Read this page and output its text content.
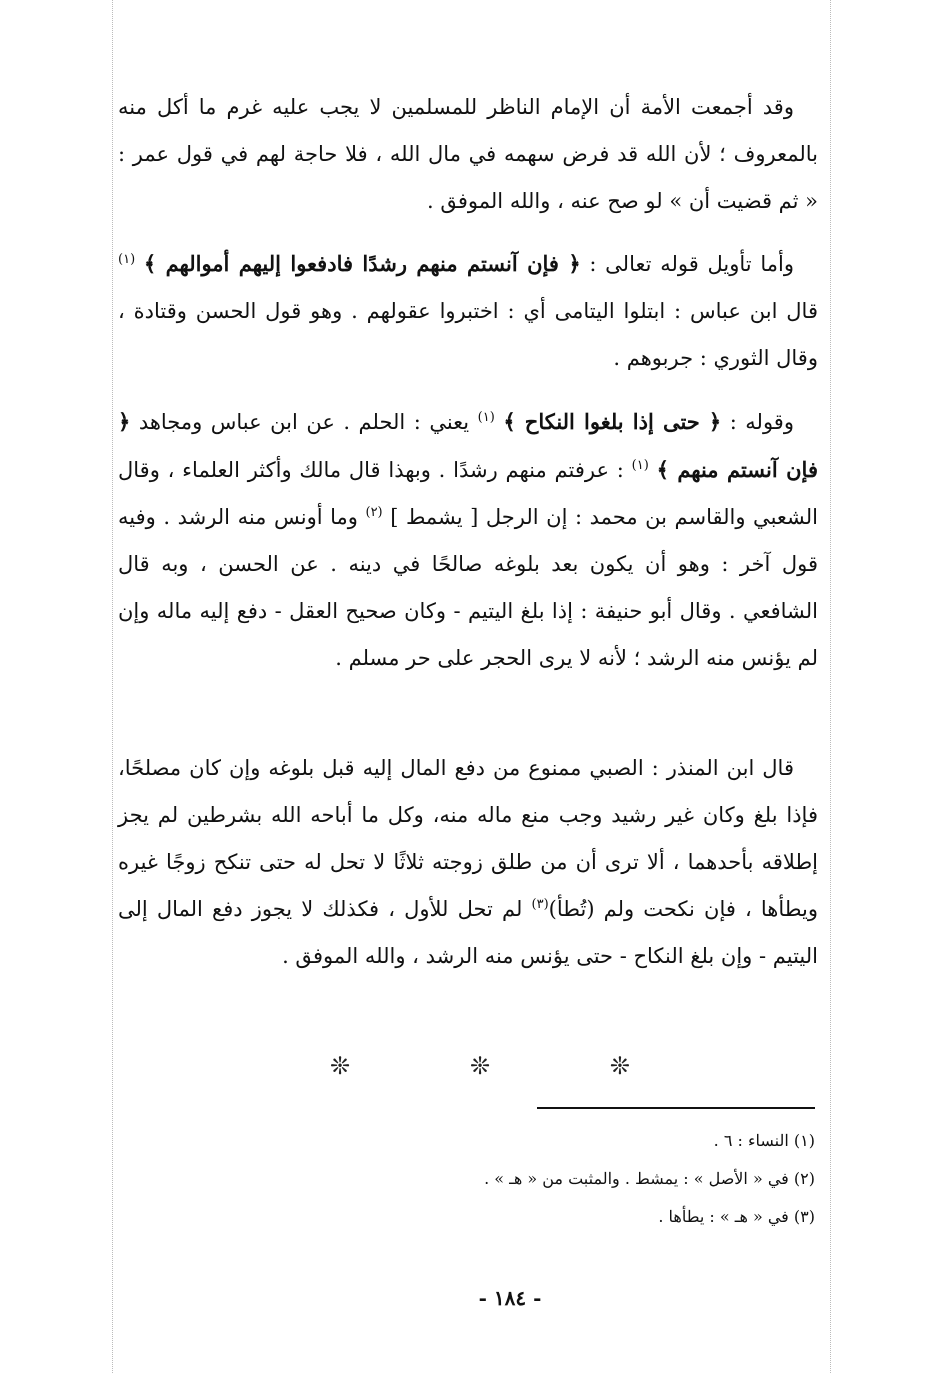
وقد أجمعت الأمة أن الإمام الناظر للمسلمين لا يجب عليه غرم ما أكل منه بالمعروف ؛ لأن الله قد فرض سهمه في مال الله ، فلا حاجة لهم في قول عمر : « ثم قضيت أن » لو صح عنه ، والله الموفق .

وأما تأويل قوله تعالى : ﴿ فإن آنستم منهم رشدًا فادفعوا إليهم أموالهم ﴾ $^{(١)}$ قال ابن عباس : ابتلوا اليتامى أي : اختبروا عقولهم . وهو قول الحسن وقتادة ، وقال الثوري : جربوهم .

وقوله : ﴿ حتى إذا بلغوا النكاح ﴾ $^{(١)}$ يعني : الحلم . عن ابن عباس ومجاهد ﴿ فإن آنستم منهم ﴾ $^{(١)}$ : عرفتم منهم رشدًا . وبهذا قال مالك وأكثر العلماء ، وقال الشعبي والقاسم بن محمد : إن الرجل [ يشمط ] $^{(٢)}$ وما أونس منه الرشد . وفيه قول آخر : وهو أن يكون بعد بلوغه صالحًا في دينه . عن الحسن ، وبه قال الشافعي . وقال أبو حنيفة : إذا بلغ اليتيم - وكان صحيح العقل - دفع إليه ماله وإن لم يؤنس منه الرشد ؛ لأنه لا يرى الحجر على حر مسلم .

قال ابن المنذر : الصبي ممنوع من دفع المال إليه قبل بلوغه وإن كان مصلحًا، فإذا بلغ وكان غير رشيد وجب منع ماله منه، وكل ما أباحه الله بشرطين لم يجز إطلاقه بأحدهما ، ألا ترى أن من طلق زوجته ثلاثًا لا تحل له حتى تنكح زوجًا غيره ويطأها ، فإن نكحت ولم (تُطأ)$^{(٣)}$ لم تحل للأول ، فكذلك لا يجوز دفع المال إلى اليتيم - وإن بلغ النكاح - حتى يؤنس منه الرشد ، والله الموفق .

❊
❊
❊
(١) النساء : ٦ .
(٢) في « الأصل » : يمشط . والمثبت من « هـ » .
(٣) في « هـ » : يطأها .
- ١٨٤ -
